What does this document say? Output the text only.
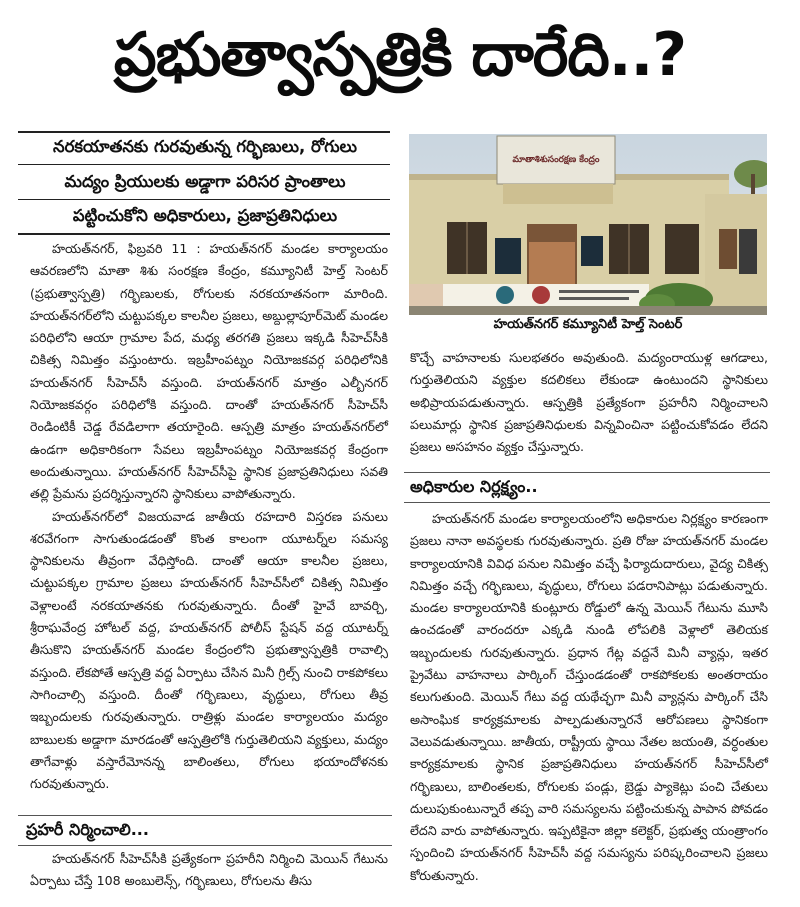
ప్రభుత్వాస్పత్రికి దారేది..?
నరకయాతనకు గురవుతున్న గర్భిణులు, రోగులు
మద్యం ప్రియులకు అడ్డాగా పరిసర ప్రాంతాలు
పట్టించుకోని అధికారులు, ప్రజాప్రతినిధులు
మాతాశిశుసంరక్షణ కేంద్రం
హయత్‌నగర్ కమ్యూనిటీ హెల్త్ సెంటర్

హయత్‌నగర్, ఫిబ్రవరి 11 : హయత్‌నగర్ మండల కార్యాలయం ఆవరణలోని మాతా శిశు సంరక్షణ కేంద్రం, కమ్యూనిటీ హెల్త్ సెంటర్ (ప్రభుత్వాస్పత్రి) గర్భిణులకు, రోగులకు నరకయాతనంగా మారింది. హయత్‌నగర్‌లోని చుట్టుపక్కల కాలనీల ప్రజలు, అబ్దుల్లాపూర్‌మెట్ మండల పరిధిలోని ఆయా గ్రామాల పేద, మధ్య తరగతి ప్రజలు ఇక్కడి సీహెచ్‌సీకి చికిత్స నిమిత్తం వస్తుంటారు. ఇబ్రహీంపట్నం నియోజకవర్గ పరిధిలోనికి హయత్‌నగర్ సీహెచ్‌సీ వస్తుంది. హయత్‌నగర్ మాత్రం ఎల్బీనగర్ నియోజకవర్గం పరిధిలోకి వస్తుంది. దాంతో హయత్‌నగర్ సీహెచ్‌సీ రెండింటికీ చెడ్డ రేవడిలాగా తయారైంది. ఆస్పత్రి మాత్రం హయత్‌నగర్‌లో ఉండగా అధికారికంగా సేవలు ఇబ్రహీంపట్నం నియోజకవర్గ కేంద్రంగా అందుతున్నాయి. హయత్‌నగర్ సీహెచ్‌సీపై స్థానిక ప్రజాప్రతినిధులు సవతి తల్లి ప్రేమను ప్రదర్శిస్తున్నారని స్థానికులు వాపోతున్నారు.

హయత్‌నగర్‌లో విజయవాడ జాతీయ రహదారి విస్తరణ పనులు శరవేగంగా సాగుతుండడంతో కొంత కాలంగా యూటర్న్‌ల సమస్య స్థానికులను తీవ్రంగా వేధిస్తోంది. దాంతో ఆయా కాలనీల ప్రజలు, చుట్టుపక్కల గ్రామాల ప్రజలు హయత్‌నగర్ సీహెచ్‌సీలో చికిత్స నిమిత్తం వెళ్లాలంటే నరకయాతనకు గురవుతున్నారు. దీంతో హైవే బావర్చి, శ్రీరాఘవేంద్ర హోటల్ వద్ద, హయత్‌నగర్ పోలీస్ స్టేషన్ వద్ద యూటర్న్ తీసుకొని హయత్‌నగర్ మండల కేంద్రంలోని ప్రభుత్వాస్పత్రికి రావాల్సి వస్తుంది. లేకపోతే ఆస్పత్రి వద్ద ఏర్పాటు చేసిన మినీ గ్రిల్స్ నుంచి రాకపోకలు సాగించాల్సి వస్తుంది. దీంతో గర్భిణులు, వృద్ధులు, రోగులు తీవ్ర ఇబ్బందులకు గురవుతున్నారు. రాత్రిళ్లు మండల కార్యాలయం మద్యం బాబులకు అడ్డాగా మారడంతో ఆస్పత్రిలోకి గుర్తుతెలియని వ్యక్తులు, మద్యం తాగేవాళ్లు వస్తారేమోనన్న బాలింతలు, రోగులు భయాందోళనకు గురవుతున్నారు.

ప్రహరీ నిర్మించాలి...

హయత్‌నగర్ సీహెచ్‌సీకి ప్రత్యేకంగా ప్రహరీని నిర్మించి మెయిన్ గేటును ఏర్పాటు చేస్తే 108 అంబులెన్స్, గర్భిణులు, రోగులను తీసు

కొచ్చే వాహనాలకు సులభతరం అవుతుంది. మద్యంరాయుళ్ల ఆగడాలు, గుర్తుతెలియని వ్యక్తుల కదలికలు లేకుండా ఉంటుందని స్థానికులు అభిప్రాయపడుతున్నారు. ఆస్పత్రికి ప్రత్యేకంగా ప్రహరీని నిర్మించాలని పలుమార్లు స్థానిక ప్రజాప్రతినిధులకు విన్నవించినా పట్టించుకోవడం లేదని ప్రజలు అసహనం వ్యక్తం చేస్తున్నారు.

అధికారుల నిర్లక్ష్యం..

హయత్‌నగర్ మండల కార్యాలయంలోని అధికారుల నిర్లక్ష్యం కారణంగా ప్రజలు నానా అవస్థలకు గురవుతున్నారు. ప్రతి రోజు హయత్‌నగర్ మండల కార్యాలయానికి వివిధ పనుల నిమిత్తం వచ్చే ఫిర్యాదుదారులు, వైద్య చికిత్స నిమిత్తం వచ్చే గర్భిణులు, వృద్ధులు, రోగులు పడరానిపాట్లు పడుతున్నారు. మండల కార్యాలయానికి కుంట్లూరు రోడ్డులో ఉన్న మెయిన్ గేటును మూసి ఉంచడంతో వారందరూ ఎక్కడి నుండి లోపలికి వెళ్లాలో తెలియక ఇబ్బందులకు గురవుతున్నారు. ప్రధాన గేట్ల వద్దనే మినీ వ్యాన్లు, ఇతర ప్రైవేటు వాహనాలు పార్కింగ్ చేస్తుండడంతో రాకపోకలకు అంతరాయం కలుగుతుంది. మెయిన్ గేటు వద్ద యథేచ్ఛగా మినీ వ్యాన్లను పార్కింగ్ చేసి అసాంఘిక కార్యక్రమాలకు పాల్పడుతున్నారనే ఆరోపణలు స్థానికంగా వెలువడుతున్నాయి. జాతీయ, రాష్ట్రీయ స్థాయి నేతల జయంతి, వర్ధంతుల కార్యక్రమాలకు స్థానిక ప్రజాప్రతినిధులు హయత్‌నగర్ సీహెచ్‌సీలో గర్భిణులు, బాలింతలకు, రోగులకు పండ్లు, బ్రెడ్డు ప్యాకెట్లు పంచి చేతులు దులుపుకుంటున్నారే తప్ప వారి సమస్యలను పట్టించుకున్న పాపాన పోవడం లేదని వారు వాపోతున్నారు. ఇప్పటికైనా జిల్లా కలెక్టర్, ప్రభుత్వ యంత్రాంగం స్పందించి హయత్‌నగర్ సీహెచ్‌సీ వద్ద సమస్యను పరిష్కరించాలని ప్రజలు కోరుతున్నారు.
